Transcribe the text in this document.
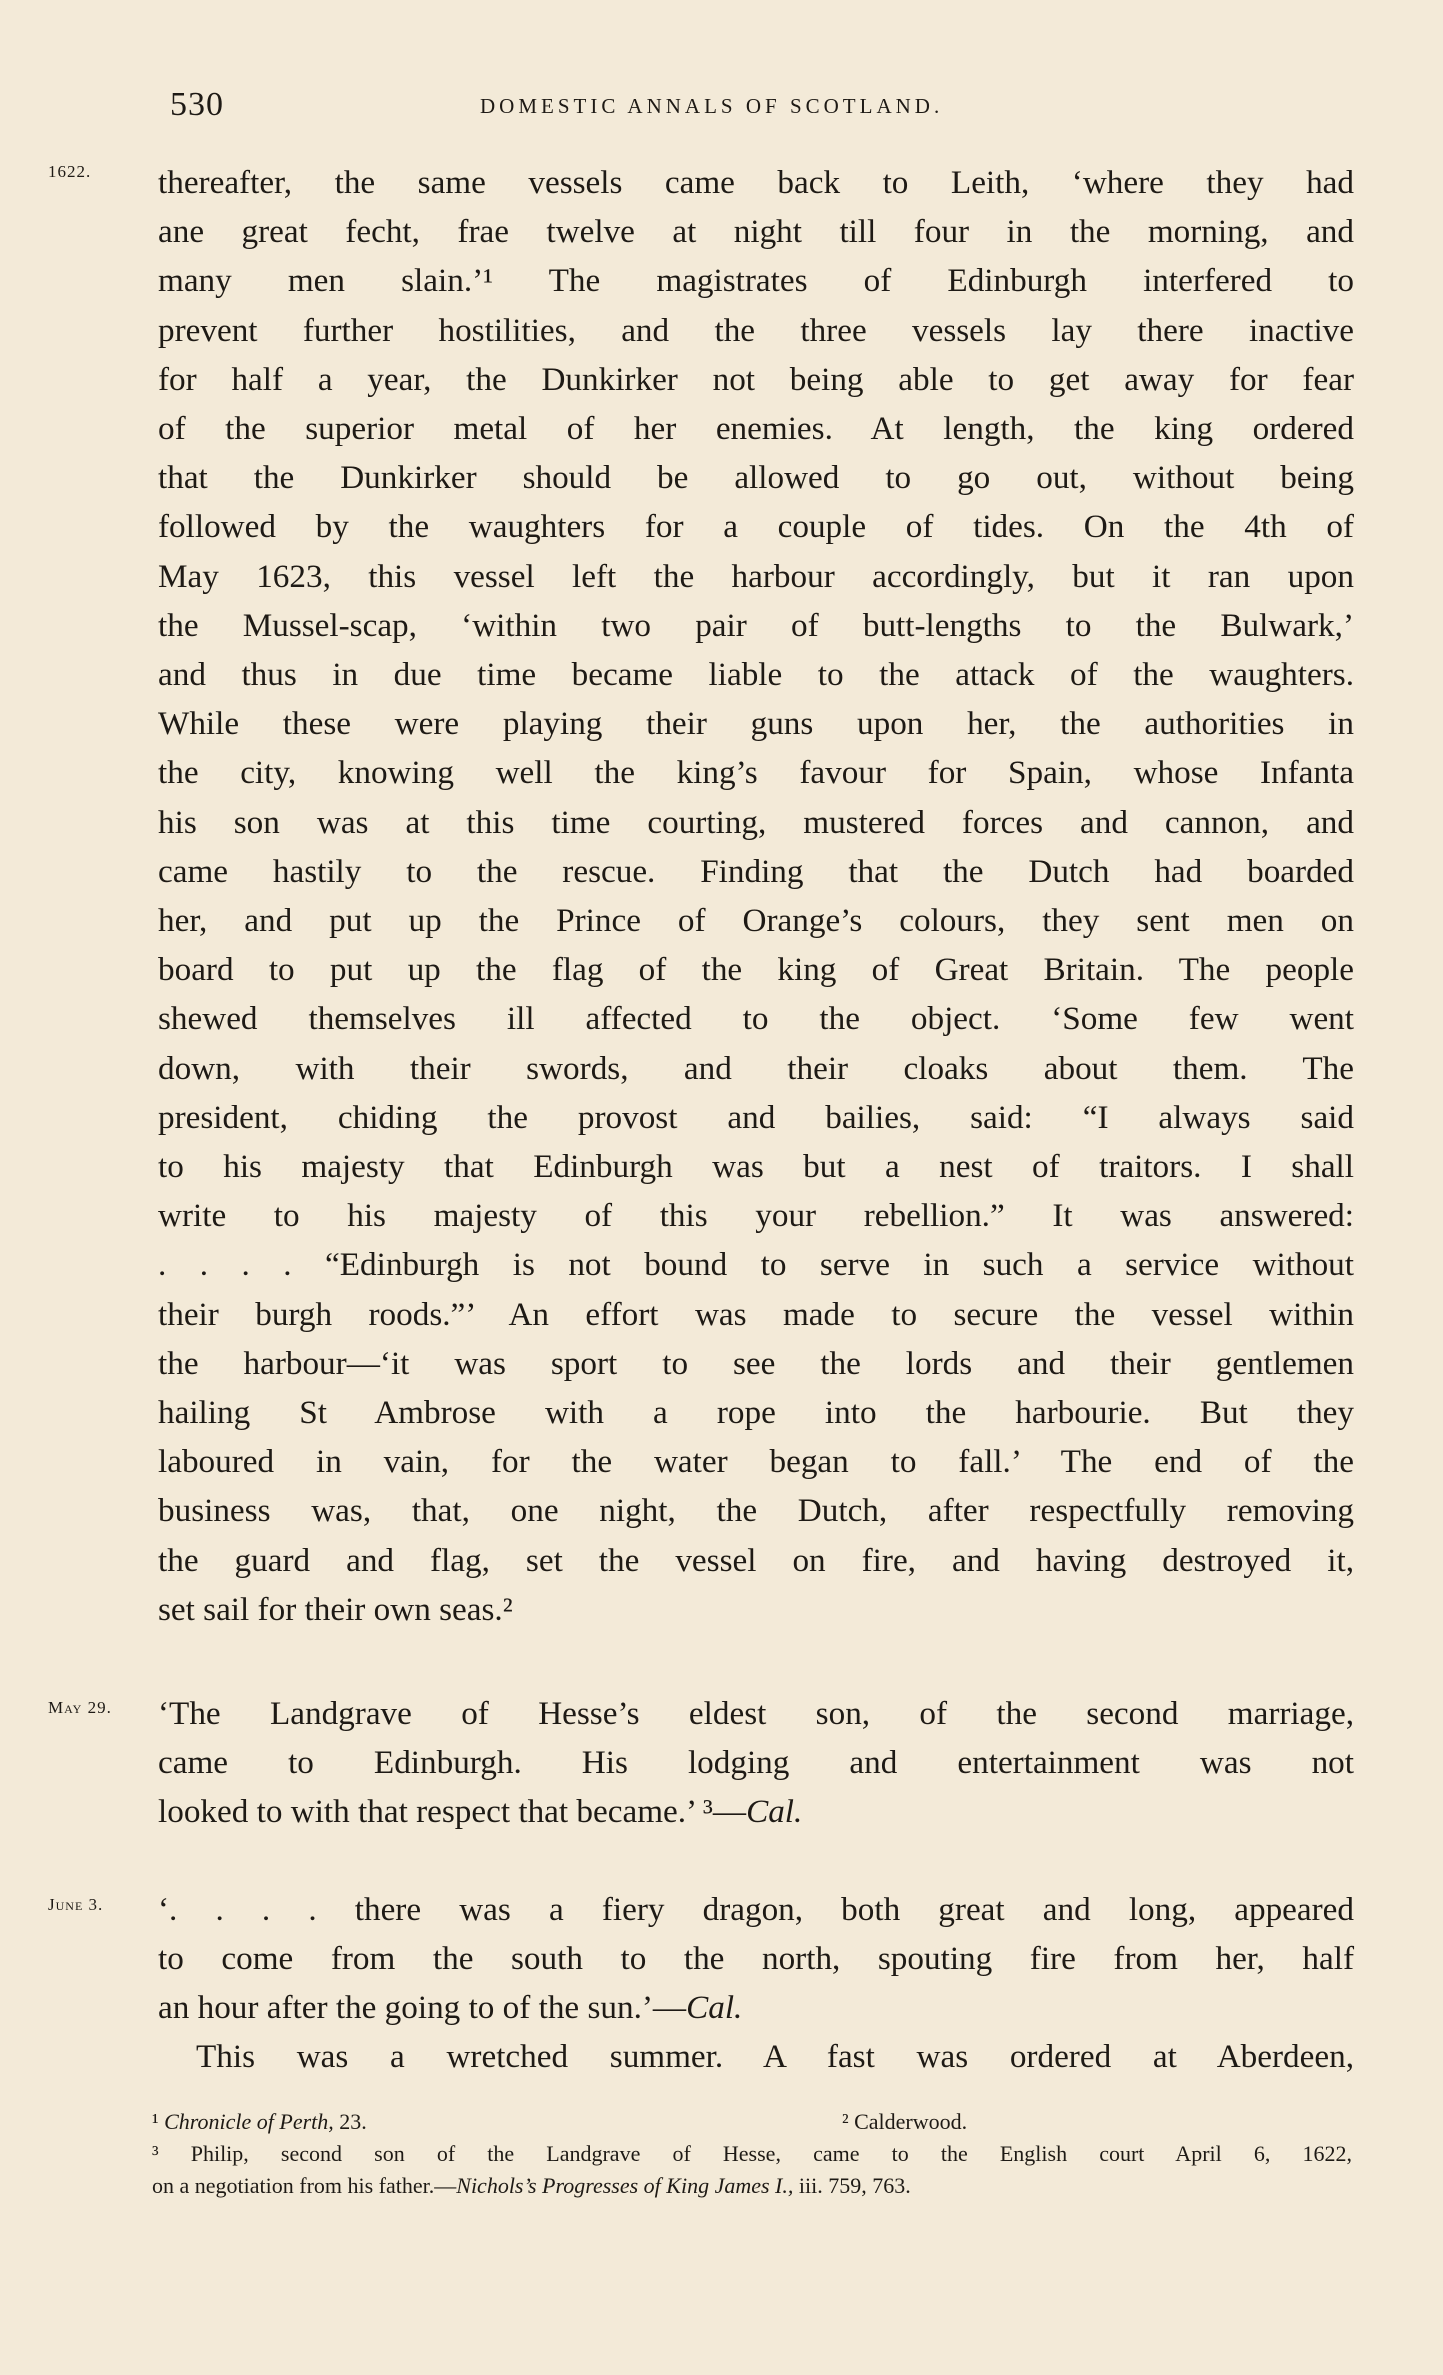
530	DOMESTIC ANNALS OF SCOTLAND.
1622.
May 29.
June 3.
thereafter, the same vessels came back to Leith, ‘where they had
ane great fecht, frae twelve at night till four in the morning, and
many men slain.’¹ The magistrates of Edinburgh interfered to
prevent further hostilities, and the three vessels lay there inactive
for half a year, the Dunkirker not being able to get away for fear
of the superior metal of her enemies. At length, the king ordered
that the Dunkirker should be allowed to go out, without being
followed by the waughters for a couple of tides. On the 4th of
May 1623, this vessel left the harbour accordingly, but it ran upon
the Mussel-scap, ‘within two pair of butt-lengths to the Bulwark,’
and thus in due time became liable to the attack of the waughters.
While these were playing their guns upon her, the authorities in
the city, knowing well the king’s favour for Spain, whose Infanta
his son was at this time courting, mustered forces and cannon, and
came hastily to the rescue. Finding that the Dutch had boarded
her, and put up the Prince of Orange’s colours, they sent men on
board to put up the flag of the king of Great Britain. The people
shewed themselves ill affected to the object. ‘Some few went
down, with their swords, and their cloaks about them. The
president, chiding the provost and bailies, said: “I always said
to his majesty that Edinburgh was but a nest of traitors. I shall
write to his majesty of this your rebellion.” It was answered:
. . . . “Edinburgh is not bound to serve in such a service without
their burgh roods.”’ An effort was made to secure the vessel within
the harbour—‘it was sport to see the lords and their gentlemen
hailing St Ambrose with a rope into the harbourie. But they
laboured in vain, for the water began to fall.’ The end of the
business was, that, one night, the Dutch, after respectfully removing
the guard and flag, set the vessel on fire, and having destroyed it,
set sail for their own seas.²
‘The Landgrave of Hesse’s eldest son, of the second marriage,
came to Edinburgh. His lodging and entertainment was not
looked to with that respect that became.’ ³—Cal.
‘. . . . there was a fiery dragon, both great and long, appeared
to come from the south to the north, spouting fire from her, half
an hour after the going to of the sun.’—Cal.
This was a wretched summer. A fast was ordered at Aberdeen,
¹ Chronicle of Perth, 23.	² Calderwood.
³ Philip, second son of the Landgrave of Hesse, came to the English court April 6, 1622,
on a negotiation from his father.—Nichols’s Progresses of King James I., iii. 759, 763.
